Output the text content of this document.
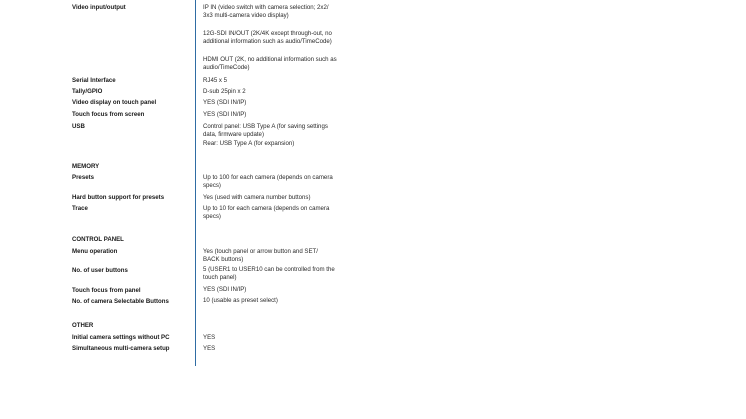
Video input/output	IP IN (video switch with camera selection; 2x2/
3x3 multi-camera video display)
12G-SDI IN/OUT (2K/4K except through-out, no
additional information such as audio/TimeCode)
HDMI OUT (2K, no additional information such as
audio/TimeCode)
Serial Interface	RJ45 x 5
Tally/GPIO	D-sub 25pin x 2
Video display on touch panel	YES (SDI IN/IP)
Touch focus from screen	YES (SDI IN/IP)
USB	Control panel: USB Type A (for saving settings
data, firmware update)
Rear: USB Type A (for expansion)
MEMORY
Presets	Up to 100 for each camera (depends on camera
specs)
Hard button support for presets	Yes (used with camera number buttons)
Trace	Up to 10 for each camera (depends on camera
specs)
CONTROL PANEL
Menu operation	Yes (touch panel or arrow button and SET/
BACK buttons)
No. of user buttons	5 (USER1 to USER10 can be controlled from the
touch panel)
Touch focus from panel	YES (SDI IN/IP)
No. of camera Selectable Buttons	10 (usable as preset select)
OTHER
Initial camera settings without PC	YES
Simultaneous multi-camera setup	YES
